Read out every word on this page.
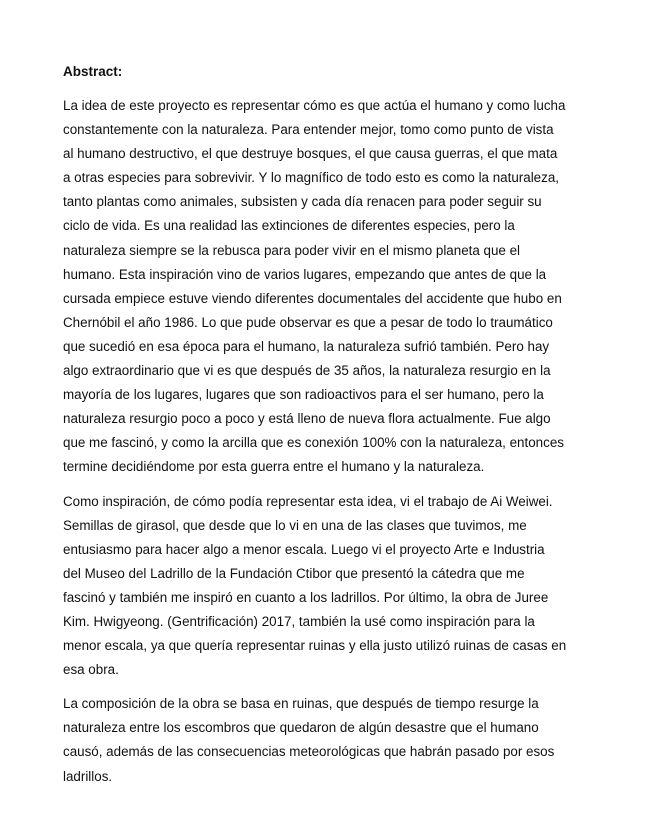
Abstract:
La idea de este proyecto es representar cómo es que actúa el humano y como lucha
constantemente con la naturaleza. Para entender mejor, tomo como punto de vista
al humano destructivo, el que destruye bosques, el que causa guerras, el que mata
a otras especies para sobrevivir. Y lo magnífico de todo esto es como la naturaleza,
tanto plantas como animales, subsisten y cada día renacen para poder seguir su
ciclo de vida. Es una realidad las extinciones de diferentes especies, pero la
naturaleza siempre se la rebusca para poder vivir en el mismo planeta que el
humano. Esta inspiración vino de varios lugares, empezando que antes de que la
cursada empiece estuve viendo diferentes documentales del accidente que hubo en
Chernóbil el año 1986. Lo que pude observar es que a pesar de todo lo traumático
que sucedió en esa época para el humano, la naturaleza sufrió también. Pero hay
algo extraordinario que vi es que después de 35 años, la naturaleza resurgio en la
mayoría de los lugares, lugares que son radioactivos para el ser humano, pero la
naturaleza resurgio poco a poco y está lleno de nueva flora actualmente. Fue algo
que me fascinó, y como la arcilla que es conexión 100% con la naturaleza, entonces
termine decidiéndome por esta guerra entre el humano y la naturaleza.
Como inspiración, de cómo podía representar esta idea, vi el trabajo de Ai Weiwei.
Semillas de girasol, que desde que lo vi en una de las clases que tuvimos, me
entusiasmo para hacer algo a menor escala. Luego vi el proyecto Arte e Industria
del Museo del Ladrillo de la Fundación Ctibor que presentó la cátedra que me
fascinó y también me inspiró en cuanto a los ladrillos. Por último, la obra de Juree
Kim. Hwigyeong. (Gentrificación) 2017, también la usé como inspiración para la
menor escala, ya que quería representar ruinas y ella justo utilizó ruinas de casas en
esa obra.
La composición de la obra se basa en ruinas, que después de tiempo resurge la
naturaleza entre los escombros que quedaron de algún desastre que el humano
causó, además de las consecuencias meteorológicas que habrán pasado por esos
ladrillos.
